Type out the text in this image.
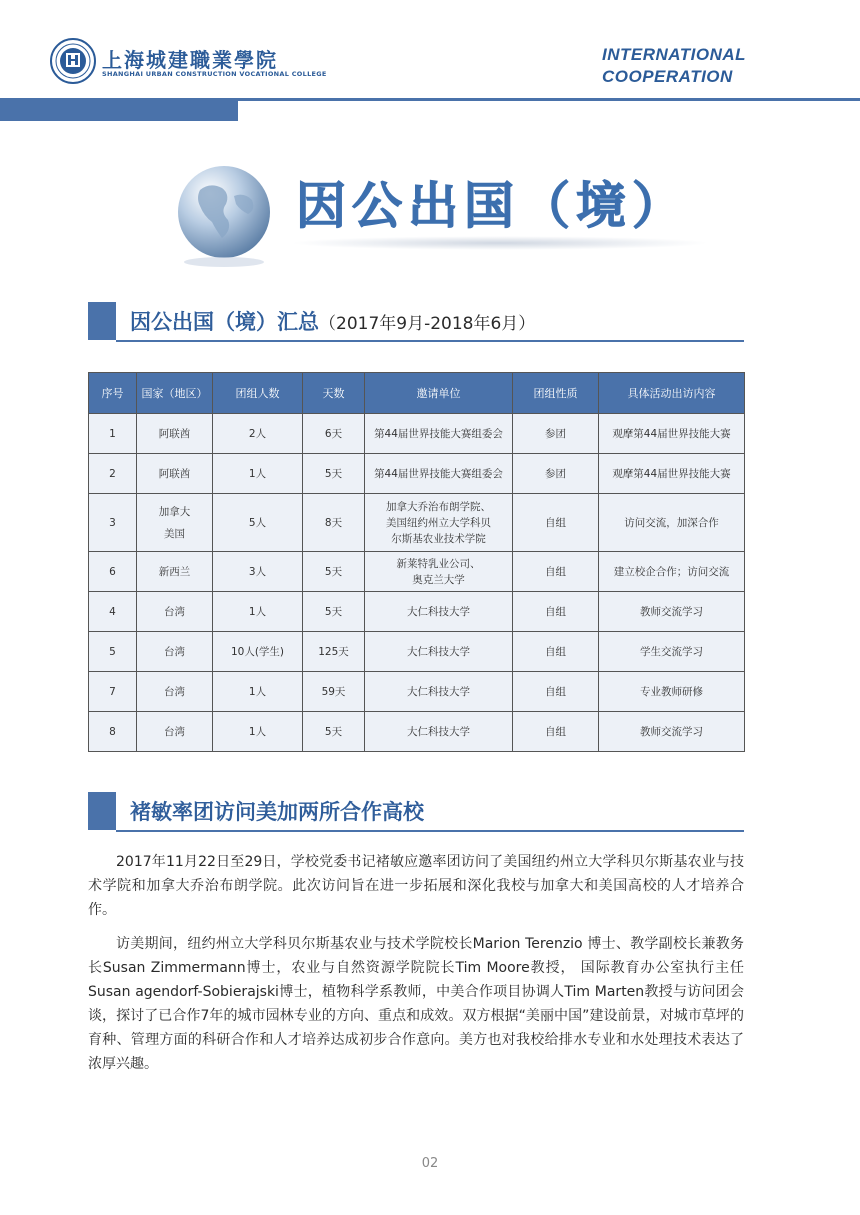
上海城建職業學院
SHANGHAI URBAN CONSTRUCTION VOCATIONAL COLLEGE
INTERNATIONAL
COOPERATION
因公出国（境）
因公出国（境）汇总（2017年9月-2018年6月）
序号	国家（地区）	团组人数	天数	邀请单位	团组性质	具体活动出访内容
1	阿联酋	2人	6天	第44届世界技能大赛组委会	参团	观摩第44届世界技能大赛
2	阿联酋	1人	5天	第44届世界技能大赛组委会	参团	观摩第44届世界技能大赛
3	加拿大
美国	5人	8天	加拿大乔治布朗学院、
美国纽约州立大学科贝
尔斯基农业技术学院	自组	访问交流，加深合作
6	新西兰	3人	5天	新莱特乳业公司、
奥克兰大学	自组	建立校企合作；访问交流
4	台湾	1人	5天	大仁科技大学	自组	教师交流学习
5	台湾	10人(学生)	125天	大仁科技大学	自组	学生交流学习
7	台湾	1人	59天	大仁科技大学	自组	专业教师研修
8	台湾	1人	5天	大仁科技大学	自组	教师交流学习
褚敏率团访问美加两所合作高校

2017年11月22日至29日，学校党委书记褚敏应邀率团访问了美国纽约州立大学科贝尔斯基农业与技术学院和加拿大乔治布朗学院。此次访问旨在进一步拓展和深化我校与加拿大和美国高校的人才培养合作。

访美期间，纽约州立大学科贝尔斯基农业与技术学院校长Marion Terenzio 博士、教学副校长兼教务长Susan Zimmermann博士，农业与自然资源学院院长Tim Moore教授， 国际教育办公室执行主任Susan agendorf-Sobierajski博士，植物科学系教师，中美合作项目协调人Tim Marten教授与访问团会谈，探讨了已合作7年的城市园林专业的方向、重点和成效。双方根据“美丽中国”建设前景，对城市草坪的育种、管理方面的科研合作和人才培养达成初步合作意向。美方也对我校给排水专业和水处理技术表达了浓厚兴趣。

02
